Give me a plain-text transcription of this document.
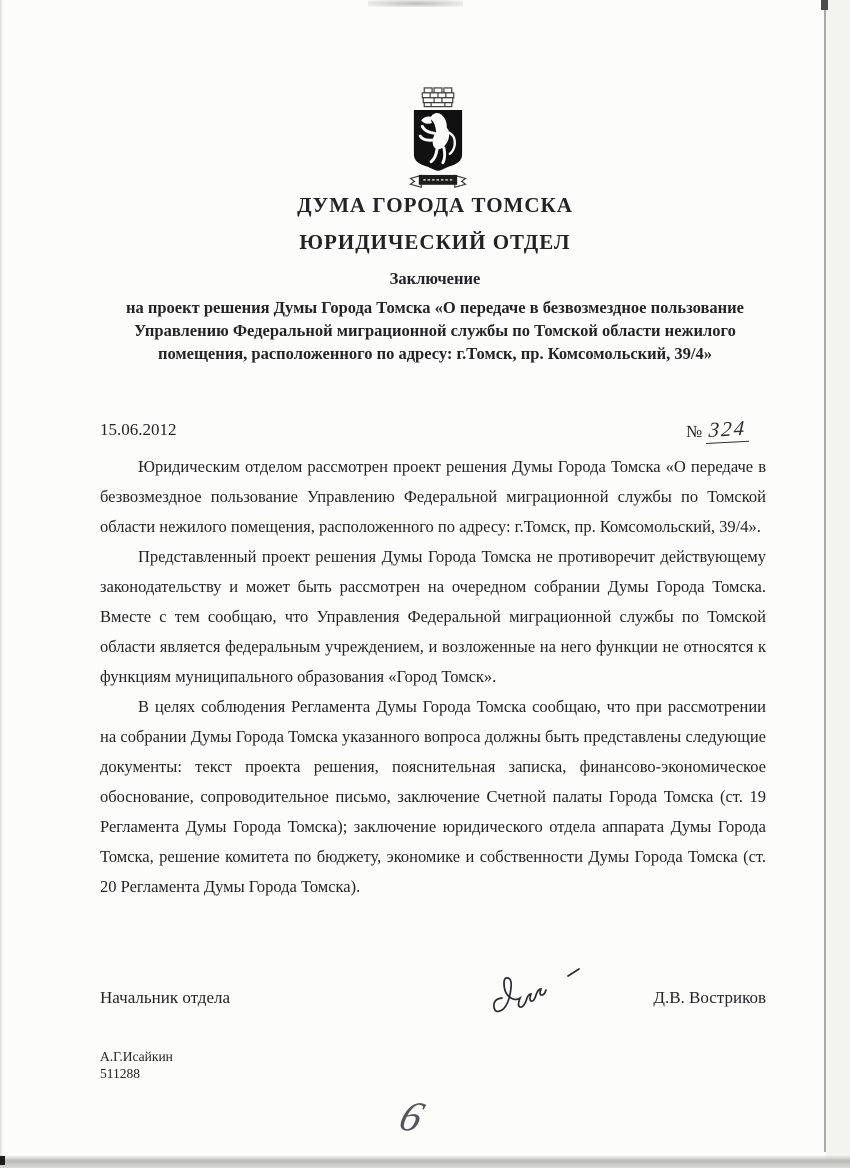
ДУМА ГОРОДА ТОМСКА
ЮРИДИЧЕСКИЙ ОТДЕЛ
Заключение
на проект решения Думы Города Томска «О передаче в безвозмездное пользование Управлению Федеральной миграционной службы по Томской области нежилого помещения, расположенного по адресу: г.Томск, пр. Комсомольский, 39/4»
15.06.2012	№ 324

Юридическим отделом рассмотрен проект решения Думы Города Томска «О передаче в безвозмездное пользование Управлению Федеральной миграционной службы по Томской области нежилого помещения, расположенного по адресу: г.Томск, пр. Комсомольский, 39/4».

Представленный проект решения Думы Города Томска не противоречит действующему законодательству и может быть рассмотрен на очередном собрании Думы Города Томска. Вместе с тем сообщаю, что Управления Федеральной миграционной службы по Томской области является федеральным учреждением, и возложенные на него функции не относятся к функциям муниципального образования «Город Томск».

В целях соблюдения Регламента Думы Города Томска сообщаю, что при рассмотрении на собрании Думы Города Томска указанного вопроса должны быть представлены следующие документы: текст проекта решения, пояснительная записка, финансово-экономическое обоснование, сопроводительное письмо, заключение Счетной палаты Города Томска (ст. 19 Регламента Думы Города Томска); заключение юридического отдела аппарата Думы Города Томска, решение комитета по бюджету, экономике и собственности Думы Города Томска (ст. 20 Регламента Думы Города Томска).

Начальник отдела	Д.В. Востриков
А.Г.Исайкин
511288
6
